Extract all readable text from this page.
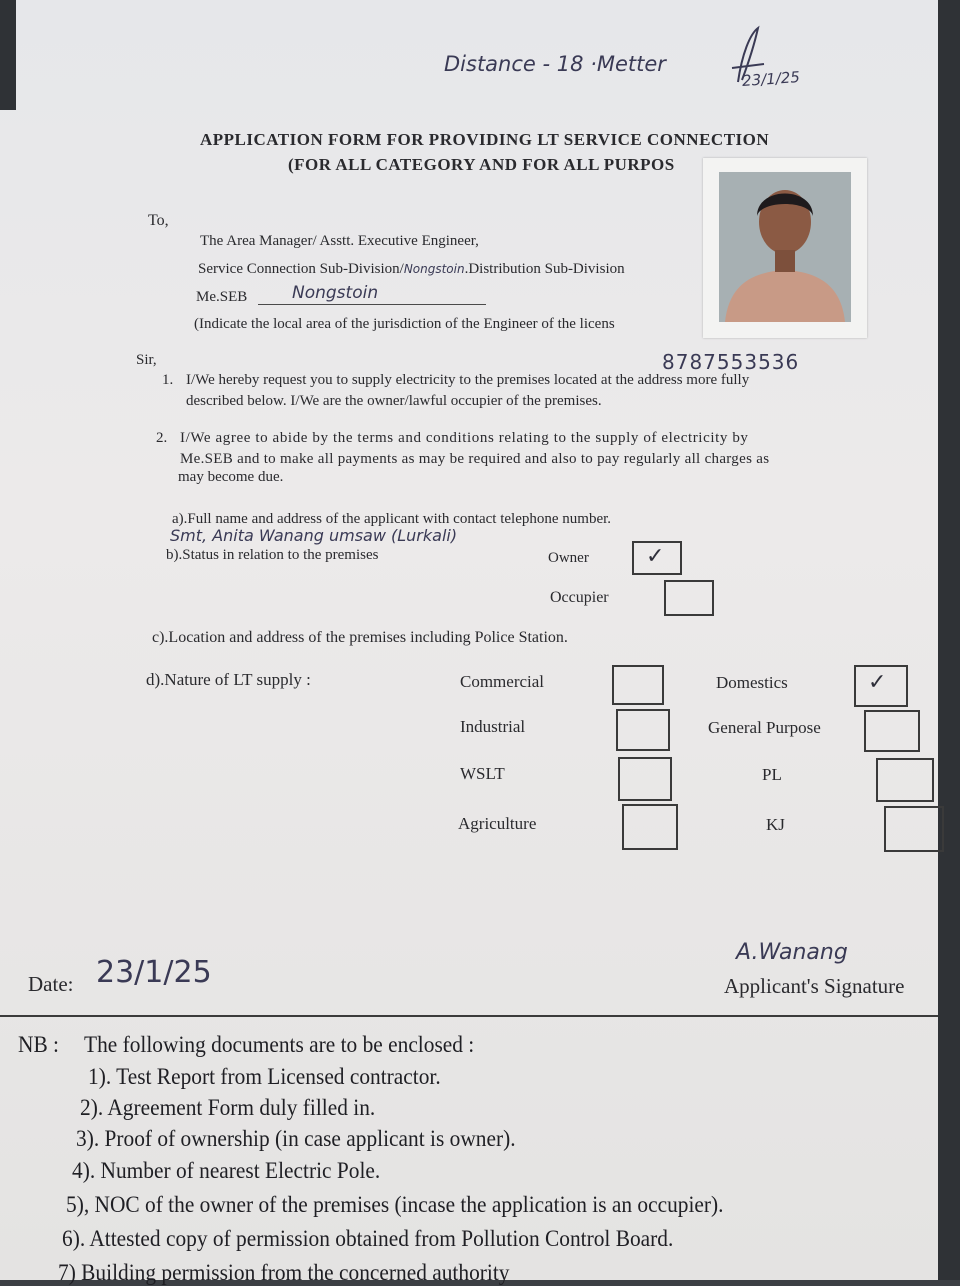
Distance - 18 ·Metter
23/1/25
APPLICATION FORM FOR PROVIDING LT SERVICE CONNECTION
(FOR ALL CATEGORY AND FOR ALL PURPOS
To,
The Area Manager/ Asstt. Executive Engineer,
Service Connection Sub-Division/Nongstoin.Distribution Sub-Division
Me.SEB	Nongstoin
(Indicate the local area of the jurisdiction of the Engineer of the licens
Sir,	8787553536
1. I/We hereby request you to supply electricity to the premises located at the address more fully
described below. I/We are the owner/lawful occupier of the premises.
2. I/We agree to abide by the terms and conditions relating to the supply of electricity by
Me.SEB and to make all payments as may be required and also to pay regularly all charges as
may become due.
a).Full name and address of the applicant with contact telephone number.
Smt, Anita Wanang umsaw (Lurkali)
b).Status in relation to the premises	Owner	✓
Occupier
c).Location and address of the premises including Police Station.
d).Nature of LT supply :	Commercial	Domestics	✓
Industrial	General Purpose
WSLT	PL
Agriculture	KJ
Date: 23/1/25
A.Wanang
Applicant's Signature
NB : The following documents are to be enclosed :
1). Test Report from Licensed contractor.
2). Agreement Form duly filled in.
3). Proof of ownership (in case applicant is owner).
4). Number of nearest Electric Pole.
5), NOC of the owner of the premises (incase the application is an occupier).
6). Attested copy of permission obtained from Pollution Control Board.
7) Building permission from the concerned authority
